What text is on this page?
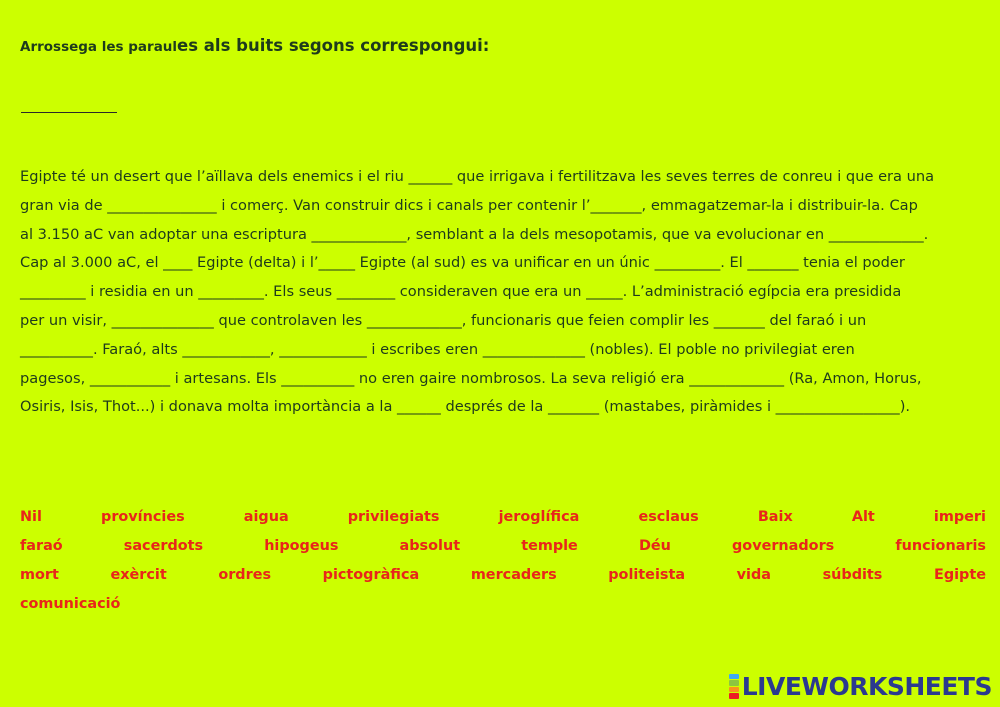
Arrossega les paraules als buits segons correspongui:

Egipte té un desert que l’aïllava dels enemics i el riu ______ que irrigava i fertilitzava les seves terres de conreu i que era una
gran via de _______________ i comerç. Van construir dics i canals per contenir l’_______, emmagatzemar-la i distribuir-la. Cap
al 3.150 aC van adoptar una escriptura _____________, semblant a la dels mesopotamis, que va evolucionar en _____________.
Cap al 3.000 aC, el ____ Egipte (delta) i l’_____ Egipte (al sud) es va unificar en un únic _________. El _______ tenia el poder
_________ i residia en un _________. Els seus ________ consideraven que era un _____. L’administració egípcia era presidida
per un visir, ______________ que controlaven les _____________, funcionaris que feien complir les _______ del faraó i un
__________. Faraó, alts ____________, ____________ i escribes eren ______________ (nobles). El poble no privilegiat eren
pagesos, ___________ i artesans. Els __________ no eren gaire nombrosos. La seva religió era _____________ (Ra, Amon, Horus,
Osiris, Isis, Thot...) i donava molta importància a la ______ després de la _______ (mastabes, piràmides i _________________).

Nil	províncies	aigua	privilegiats	jeroglífica	esclaus	Baix	Alt	imperi
faraó	sacerdots	hipogeus	absolut	temple	Déu	governadors	funcionaris
mort	exèrcit	ordres	pictogràfica	mercaders	politeista	vida	súbdits	Egipte
comunicació
LIVEWORKSHEETS
